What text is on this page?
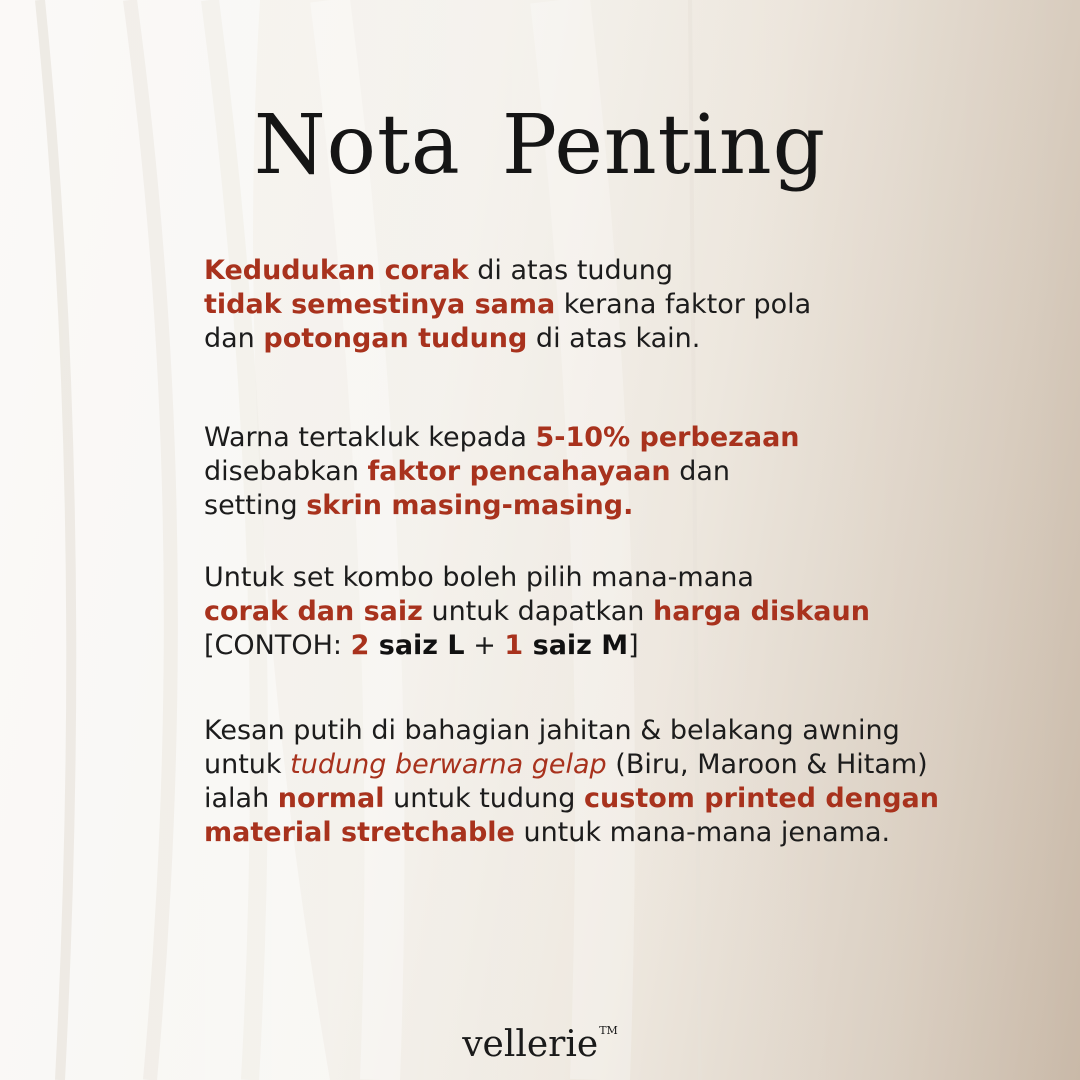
Nota Penting
Kedudukan corak di atas tudung
tidak semestinya sama kerana faktor pola
dan potongan tudung di atas kain.
Warna tertakluk kepada 5-10% perbezaan
disebabkan faktor pencahayaan dan
setting skrin masing-masing.
Untuk set kombo boleh pilih mana-mana
corak dan saiz untuk dapatkan harga diskaun
[CONTOH: 2 saiz L + 1 saiz M]
Kesan putih di bahagian jahitan & belakang awning
untuk tudung berwarna gelap (Biru, Maroon & Hitam)
ialah normal untuk tudung custom printed dengan
material stretchable untuk mana-mana jenama.
vellerie™
